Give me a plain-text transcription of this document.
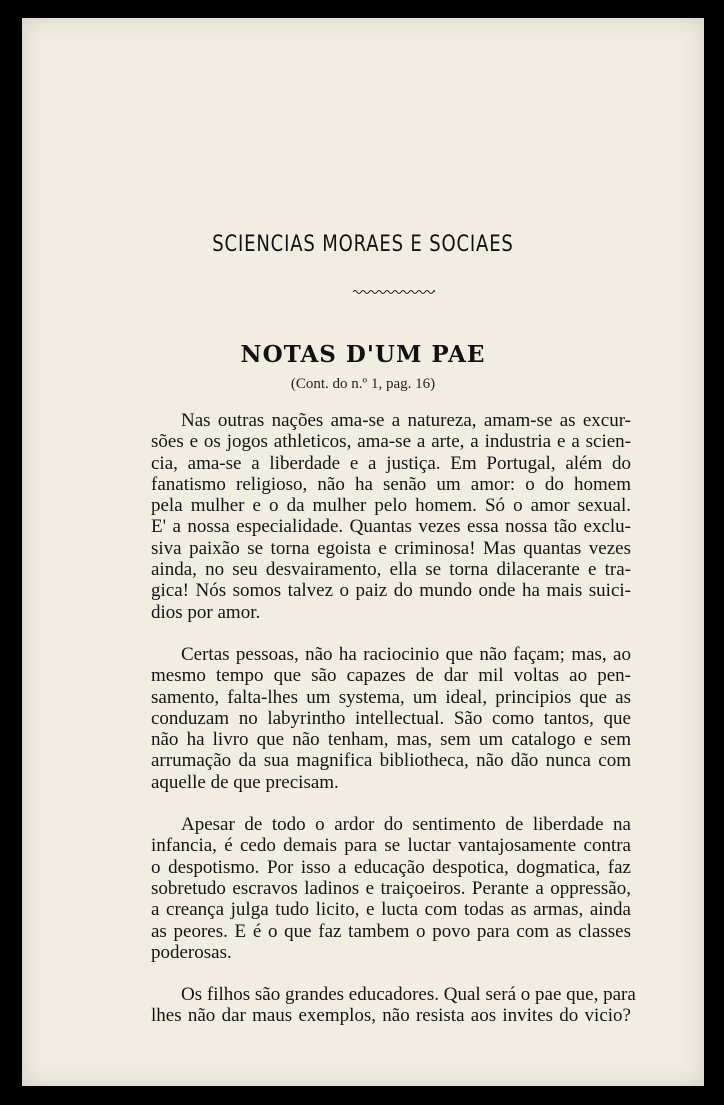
SCIENCIAS MORAES E SOCIAES
NOTAS D'UM PAE
(Cont. do n.º 1, pag. 16)

Nas outras nações ama-se a natureza, amam-se as excur-
sões e os jogos athleticos, ama-se a arte, a industria e a scien-
cia, ama-se a liberdade e a justiça. Em Portugal, além do
fanatismo religioso, não ha senão um amor: o do homem
pela mulher e o da mulher pelo homem. Só o amor sexual.
E' a nossa especialidade. Quantas vezes essa nossa tão exclu-
siva paixão se torna egoista e criminosa! Mas quantas vezes
ainda, no seu desvairamento, ella se torna dilacerante e tra-
gica! Nós somos talvez o paiz do mundo onde ha mais suici-
dios por amor.

Certas pessoas, não ha raciocinio que não façam; mas, ao
mesmo tempo que são capazes de dar mil voltas ao pen-
samento, falta-lhes um systema, um ideal, principios que as
conduzam no labyrintho intellectual. São como tantos, que
não ha livro que não tenham, mas, sem um catalogo e sem
arrumação da sua magnifica bibliotheca, não dão nunca com
aquelle de que precisam.

Apesar de todo o ardor do sentimento de liberdade na
infancia, é cedo demais para se luctar vantajosamente contra
o despotismo. Por isso a educação despotica, dogmatica, faz
sobretudo escravos ladinos e traiçoeiros. Perante a oppressão,
a creança julga tudo licito, e lucta com todas as armas, ainda
as peores. E é o que faz tambem o povo para com as classes
poderosas.

Os filhos são grandes educadores. Qual será o pae que, para
lhes não dar maus exemplos, não resista aos invites do vicio?
